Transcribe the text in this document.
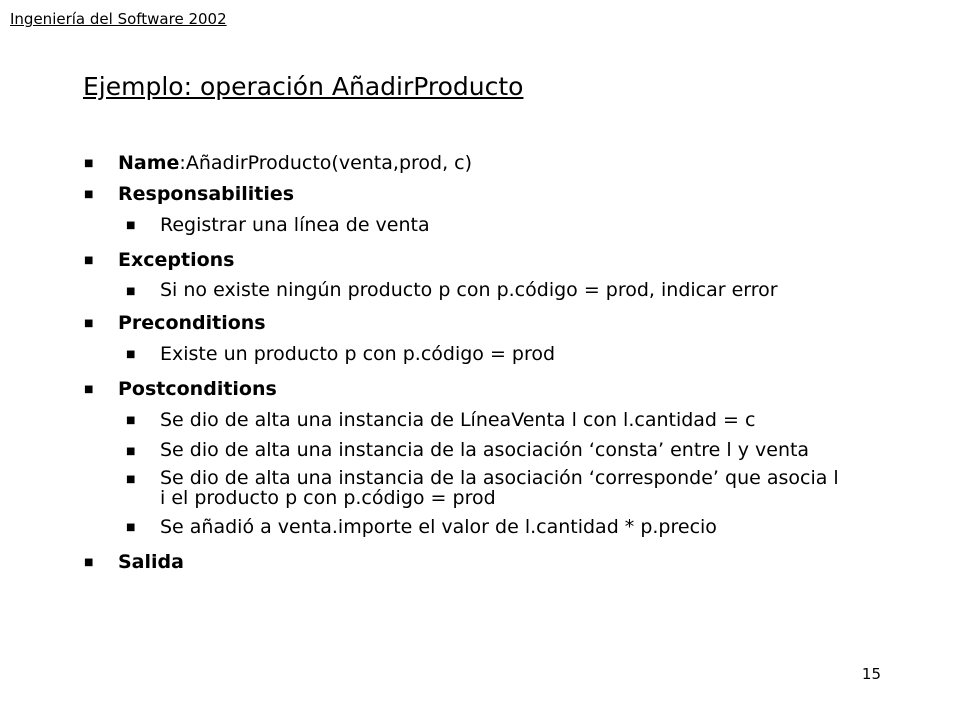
Ingeniería del Software 2002
Ejemplo: operación AñadirProducto
■ Name:AñadirProducto(venta,prod, c)
■ Responsabilities
■ Registrar una línea de venta
■ Exceptions
■ Si no existe ningún producto p con p.código = prod, indicar error
■ Preconditions
■ Existe un producto p con p.código = prod
■ Postconditions
■ Se dio de alta una instancia de LíneaVenta l con l.cantidad = c
■ Se dio de alta una instancia de la asociación ‘consta’ entre l y venta
■ Se dio de alta una instancia de la asociación ‘corresponde’ que asocia l i el producto p con p.código = prod
■ Se añadió a venta.importe el valor de l.cantidad * p.precio
■ Salida
15
